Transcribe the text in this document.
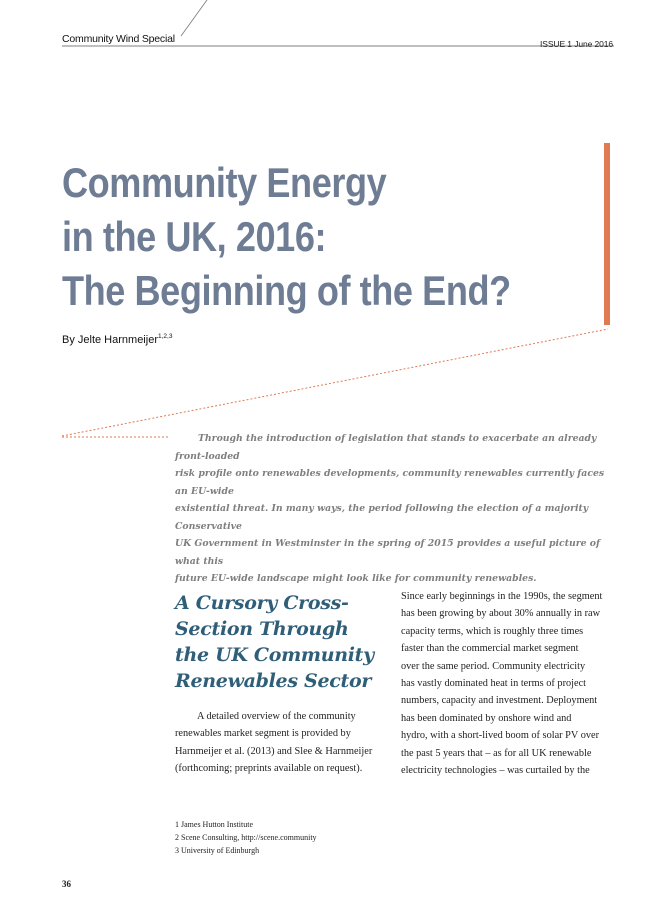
Community Wind Special	ISSUE 1 June 2016
Community Energy
in the UK, 2016:
The Beginning of the End?
By Jelte Harnmeijer$^{1,2,3}$
Through the introduction of legislation that stands to exacerbate an already front-loaded
risk profile onto renewables developments, community renewables currently faces an EU-wide
existential threat. In many ways, the period following the election of a majority Conservative
UK Government in Westminster in the spring of 2015 provides a useful picture of what this
future EU-wide landscape might look like for community renewables.
A Cursory Cross-
Section Through
the UK Community
Renewables Sector
A detailed overview of the community
renewables market segment is provided by
Harnmeijer et al. (2013) and Slee & Harnmeijer
(forthcoming; preprints available on request).
Since early beginnings in the 1990s, the segment
has been growing by about 30% annually in raw
capacity terms, which is roughly three times
faster than the commercial market segment
over the same period. Community electricity
has vastly dominated heat in terms of project
numbers, capacity and investment. Deployment
has been dominated by onshore wind and
hydro, with a short-lived boom of solar PV over
the past 5 years that – as for all UK renewable
electricity technologies – was curtailed by the
1 James Hutton Institute
2 Scene Consulting, http://scene.community
3 University of Edinburgh
36
